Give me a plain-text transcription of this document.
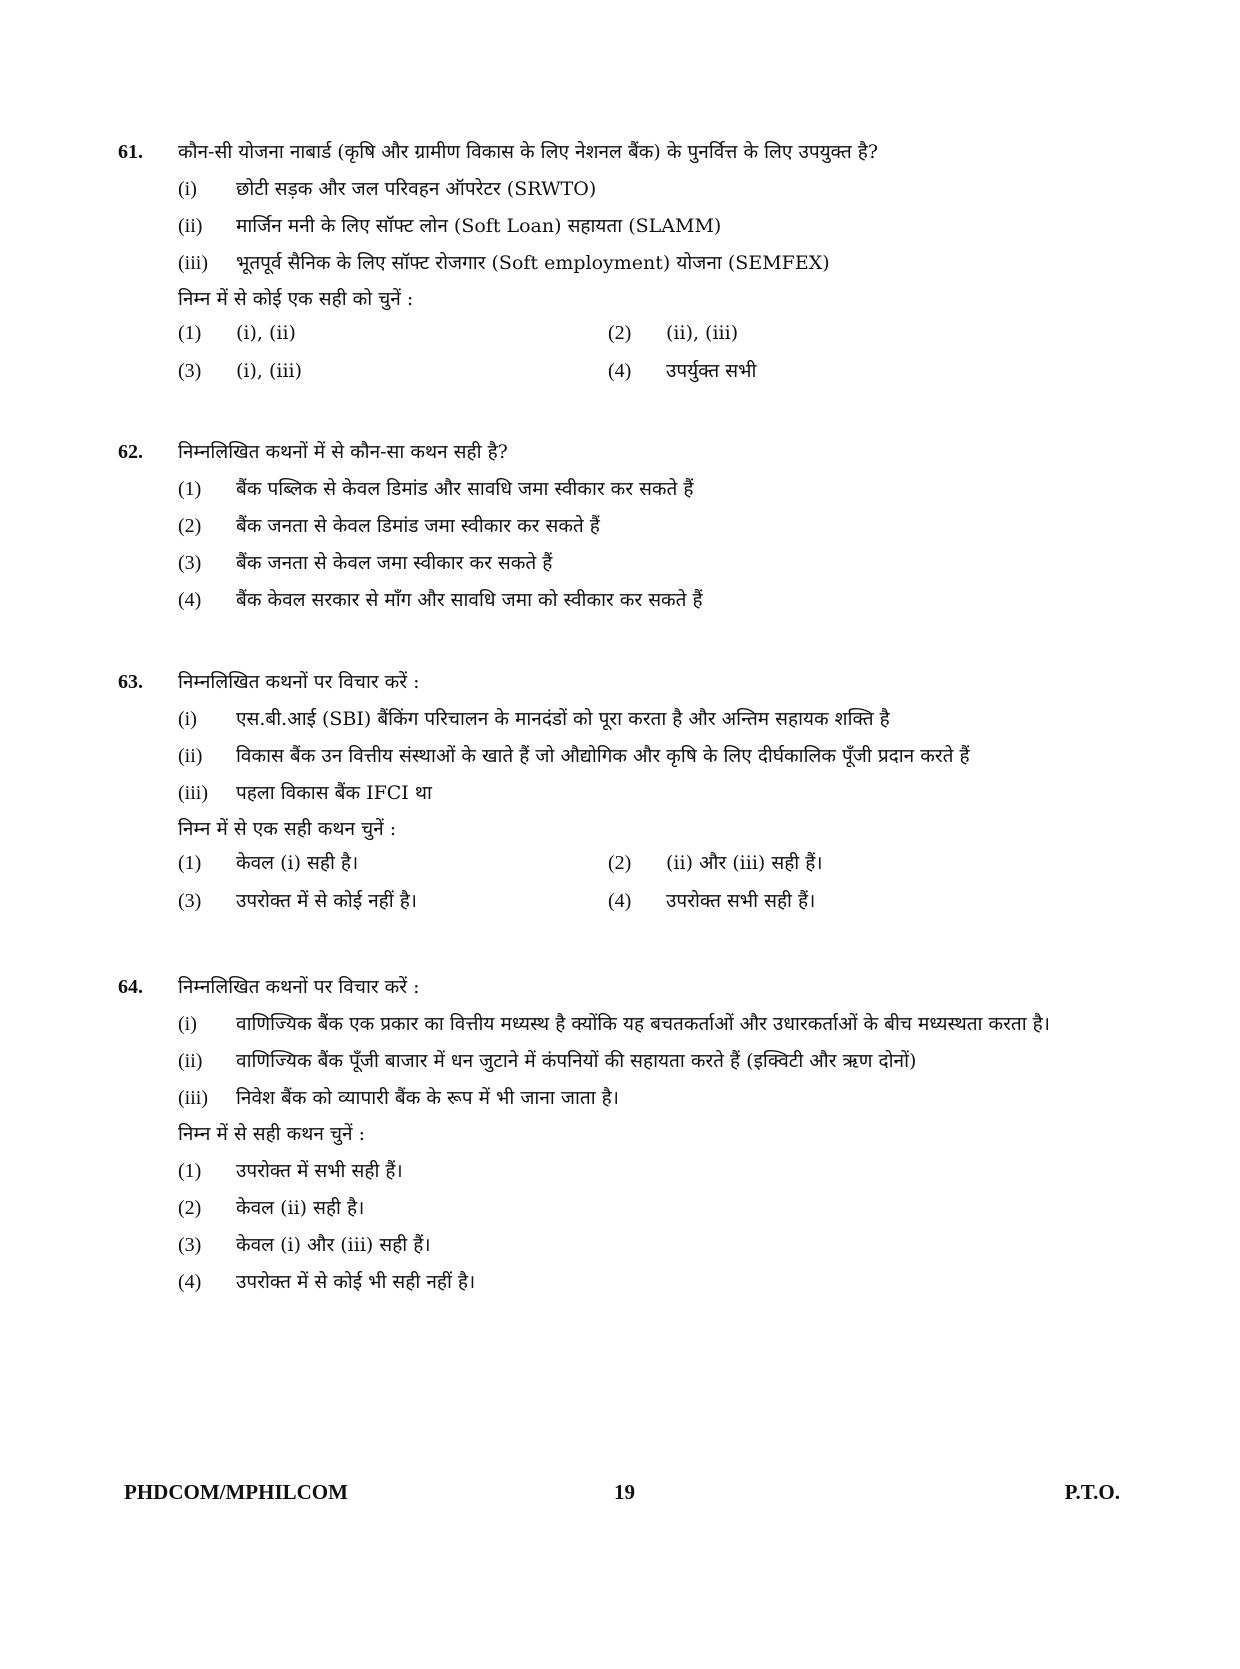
61.	कौन-सी योजना नाबार्ड (कृषि और ग्रामीण विकास के लिए नेशनल बैंक) के पुनर्वित्त के लिए उपयुक्त है?
(i)	छोटी सड़क और जल परिवहन ऑपरेटर (SRWTO)
(ii)	मार्जिन मनी के लिए सॉफ्ट लोन (Soft Loan) सहायता (SLAMM)
(iii)	भूतपूर्व सैनिक के लिए सॉफ्ट रोजगार (Soft employment) योजना (SEMFEX)
निम्न में से कोई एक सही को चुनें :
(1)	(i), (ii)	(2)	(ii), (iii)
(3)	(i), (iii)	(4)	उपर्युक्त सभी
62.	निम्नलिखित कथनों में से कौन-सा कथन सही है?
(1)	बैंक पब्लिक से केवल डिमांड और सावधि जमा स्वीकार कर सकते हैं
(2)	बैंक जनता से केवल डिमांड जमा स्वीकार कर सकते हैं
(3)	बैंक जनता से केवल जमा स्वीकार कर सकते हैं
(4)	बैंक केवल सरकार से माँग और सावधि जमा को स्वीकार कर सकते हैं
63.	निम्नलिखित कथनों पर विचार करें :
(i)	एस.बी.आई (SBI) बैंकिंग परिचालन के मानदंडों को पूरा करता है और अन्तिम सहायक शक्ति है
(ii)	विकास बैंक उन वित्तीय संस्थाओं के खाते हैं जो औद्योगिक और कृषि के लिए दीर्घकालिक पूँजी प्रदान करते हैं
(iii)	पहला विकास बैंक IFCI था
निम्न में से एक सही कथन चुनें :
(1)	केवल (i) सही है।	(2)	(ii) और (iii) सही हैं।
(3)	उपरोक्त में से कोई नहीं है।	(4)	उपरोक्त सभी सही हैं।
64.	निम्नलिखित कथनों पर विचार करें :
(i)	वाणिज्यिक बैंक एक प्रकार का वित्तीय मध्यस्थ है क्योंकि यह बचतकर्ताओं और उधारकर्ताओं के बीच मध्यस्थता करता है।
(ii)	वाणिज्यिक बैंक पूँजी बाजार में धन जुटाने में कंपनियों की सहायता करते हैं (इक्विटी और ऋण दोनों)
(iii)	निवेश बैंक को व्यापारी बैंक के रूप में भी जाना जाता है।
निम्न में से सही कथन चुनें :
(1)	उपरोक्त में सभी सही हैं।
(2)	केवल (ii) सही है।
(3)	केवल (i) और (iii) सही हैं।
(4)	उपरोक्त में से कोई भी सही नहीं है।
PHDCOM/MPHILCOM	19	P.T.O.
